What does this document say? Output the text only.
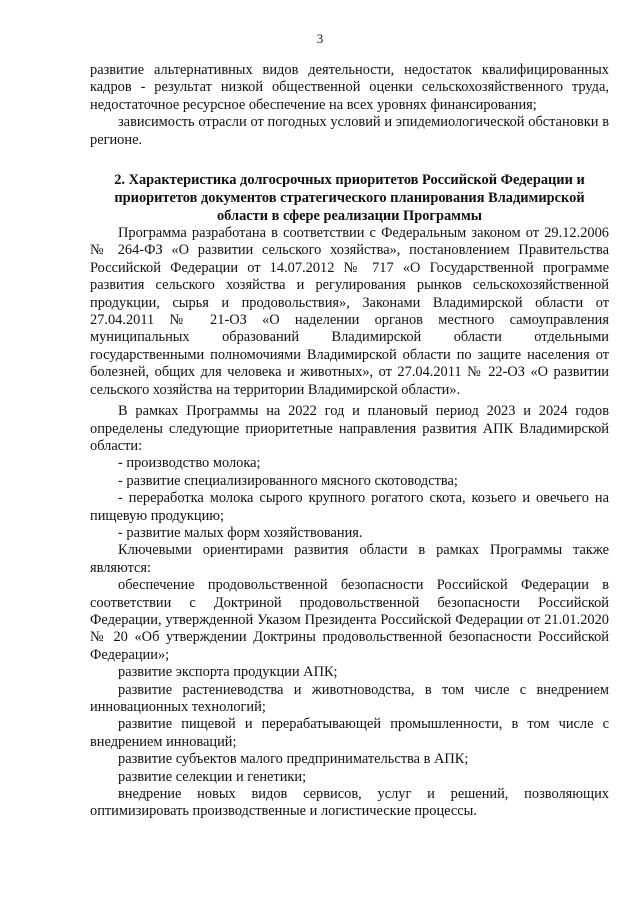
3

развитие альтернативных видов деятельности, недостаток квалифицированных кадров - результат низкой общественной оценки сельскохозяйственного труда, недостаточное ресурсное обеспечение на всех уровнях финансирования;

зависимость отрасли от погодных условий и эпидемиологической обстановки в регионе.

2. Характеристика долгосрочных приоритетов Российской Федерации и приоритетов документов стратегического планирования Владимирской области в сфере реализации Программы

Программа разработана в соответствии с Федеральным законом от 29.12.2006 № 264-ФЗ «О развитии сельского хозяйства», постановлением Правительства Российской Федерации от 14.07.2012 № 717 «О Государственной программе развития сельского хозяйства и регулирования рынков сельскохозяйственной продукции, сырья и продовольствия», Законами Владимирской области от 27.04.2011 № 21-ОЗ «О наделении органов местного самоуправления муниципальных образований Владимирской области отдельными государственными полномочиями Владимирской области по защите населения от болезней, общих для человека и животных», от 27.04.2011 № 22-ОЗ «О развитии сельского хозяйства на территории Владимирской области».

В рамках Программы на 2022 год и плановый период 2023 и 2024 годов определены следующие приоритетные направления развития АПК Владимирской области:

- производство молока;

- развитие специализированного мясного скотоводства;

- переработка молока сырого крупного рогатого скота, козьего и овечьего на пищевую продукцию;

- развитие малых форм хозяйствования.

Ключевыми ориентирами развития области в рамках Программы также являются:

обеспечение продовольственной безопасности Российской Федерации в соответствии с Доктриной продовольственной безопасности Российской Федерации, утвержденной Указом Президента Российской Федерации от 21.01.2020 № 20 «Об утверждении Доктрины продовольственной безопасности Российской Федерации»;

развитие экспорта продукции АПК;

развитие растениеводства и животноводства, в том числе с внедрением инновационных технологий;

развитие пищевой и перерабатывающей промышленности, в том числе с внедрением инноваций;

развитие субъектов малого предпринимательства в АПК;

развитие селекции и генетики;

внедрение новых видов сервисов, услуг и решений, позволяющих оптимизировать производственные и логистические процессы.
